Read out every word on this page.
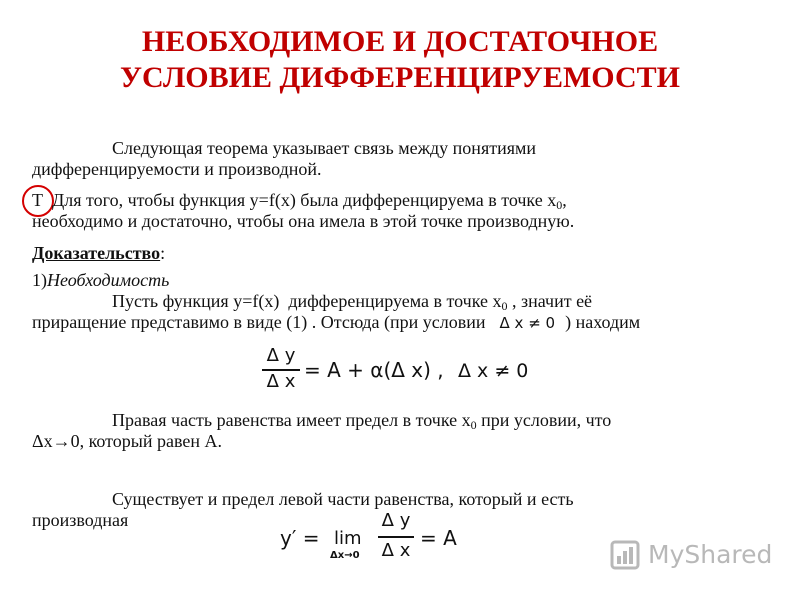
НЕОБХОДИМОЕ И ДОСТАТОЧНОЕ
УСЛОВИЕ ДИФФЕРЕНЦИРУЕМОСТИ
Следующая теорема указывает связь между понятиями
дифференцируемости и производной.
Т  Для того, чтобы функция y=f(x) была дифференцируема в точке $x_0$,
необходимо и достаточно, чтобы она имела в этой точке производную.
Доказательство:
1)Необходимость
Пусть функция y=f(x)  дифференцируема в точке $x_0$ , значит её
приращение представимо в виде (1) . Отсюда (при условии Δ x ≠ 0 ) находим
Δ y
Δ x = A + α(Δ x) , Δ x ≠ 0
Правая часть равенства имеет предел в точке $x_0$ при условии, что
Δx→0, который равен A.
Существует и предел левой части равенства, который и есть
производная
y′ = lim
Δx→0
Δ y
Δ x
= A
MyShared
